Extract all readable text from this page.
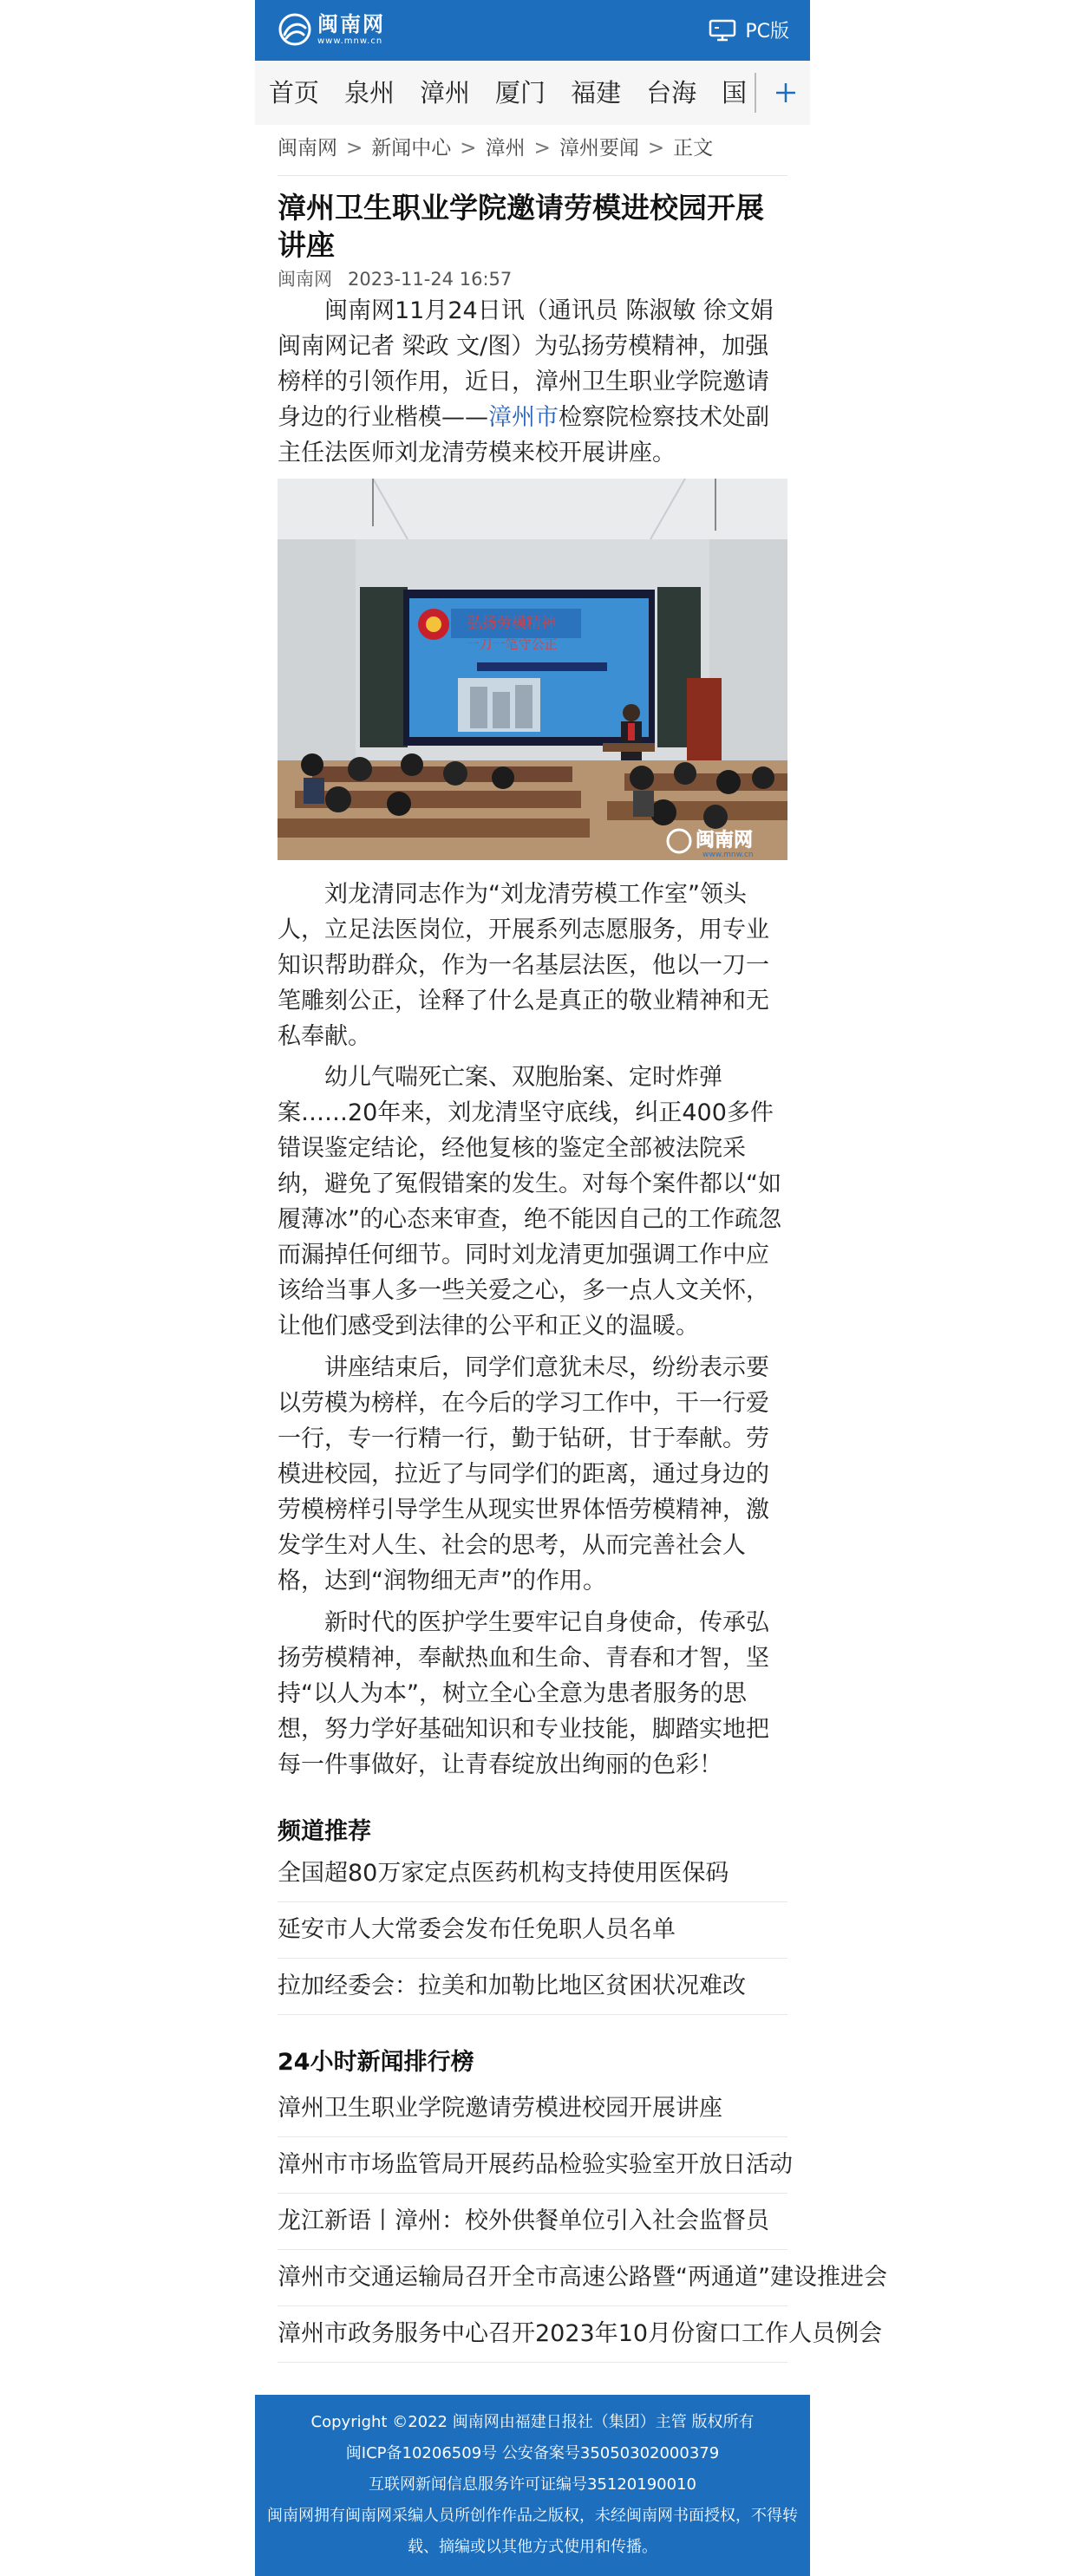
闽南网
www.mnw.cn	PC版
首页 泉州 漳州 厦门 福建 台海 国
闽南网 > 新闻中心 > 漳州 > 漳州要闻 > 正文
漳州卫生职业学院邀请劳模进校园开展讲座
闽南网 2023-11-24 16:57

闽南网11月24日讯（通讯员 陈淑敏 徐文娟 闽南网记者 梁政 文/图）为弘扬劳模精神，加强榜样的引领作用，近日，漳州卫生职业学院邀请身边的行业楷模——漳州市检察院检察技术处副主任法医师刘龙清劳模来校开展讲座。

弘扬劳模精神
一刀一笔守公正
闽南网
www.mnw.cn

刘龙清同志作为“刘龙清劳模工作室”领头人，立足法医岗位，开展系列志愿服务，用专业知识帮助群众，作为一名基层法医，他以一刀一笔雕刻公正，诠释了什么是真正的敬业精神和无私奉献。

幼儿气喘死亡案、双胞胎案、定时炸弹案……20年来，刘龙清坚守底线，纠正400多件错误鉴定结论，经他复核的鉴定全部被法院采纳，避免了冤假错案的发生。对每个案件都以“如履薄冰”的心态来审查，绝不能因自己的工作疏忽而漏掉任何细节。同时刘龙清更加强调工作中应该给当事人多一些关爱之心，多一点人文关怀，让他们感受到法律的公平和正义的温暖。

讲座结束后，同学们意犹未尽，纷纷表示要以劳模为榜样，在今后的学习工作中，干一行爱一行，专一行精一行，勤于钻研，甘于奉献。劳模进校园，拉近了与同学们的距离，通过身边的劳模榜样引导学生从现实世界体悟劳模精神，激发学生对人生、社会的思考，从而完善社会人格，达到“润物细无声”的作用。

新时代的医护学生要牢记自身使命，传承弘扬劳模精神，奉献热血和生命、青春和才智，坚持“以人为本”，树立全心全意为患者服务的思想，努力学好基础知识和专业技能，脚踏实地把每一件事做好，让青春绽放出绚丽的色彩！

频道推荐
全国超80万家定点医药机构支持使用医保码
延安市人大常委会发布任免职人员名单
拉加经委会：拉美和加勒比地区贫困状况难改
24小时新闻排行榜
漳州卫生职业学院邀请劳模进校园开展讲座
漳州市市场监管局开展药品检验实验室开放日活动
龙江新语丨漳州：校外供餐单位引入社会监督员
漳州市交通运输局召开全市高速公路暨“两通道”建设推进会
漳州市政务服务中心召开2023年10月份窗口工作人员例会
Copyright ©2022 闽南网由福建日报社（集团）主管 版权所有
闽ICP备10206509号 公安备案号35050302000379
互联网新闻信息服务许可证编号35120190010
闽南网拥有闽南网采编人员所创作作品之版权，未经闽南网书面授权，不得转载、摘编或以其他方式使用和传播。
